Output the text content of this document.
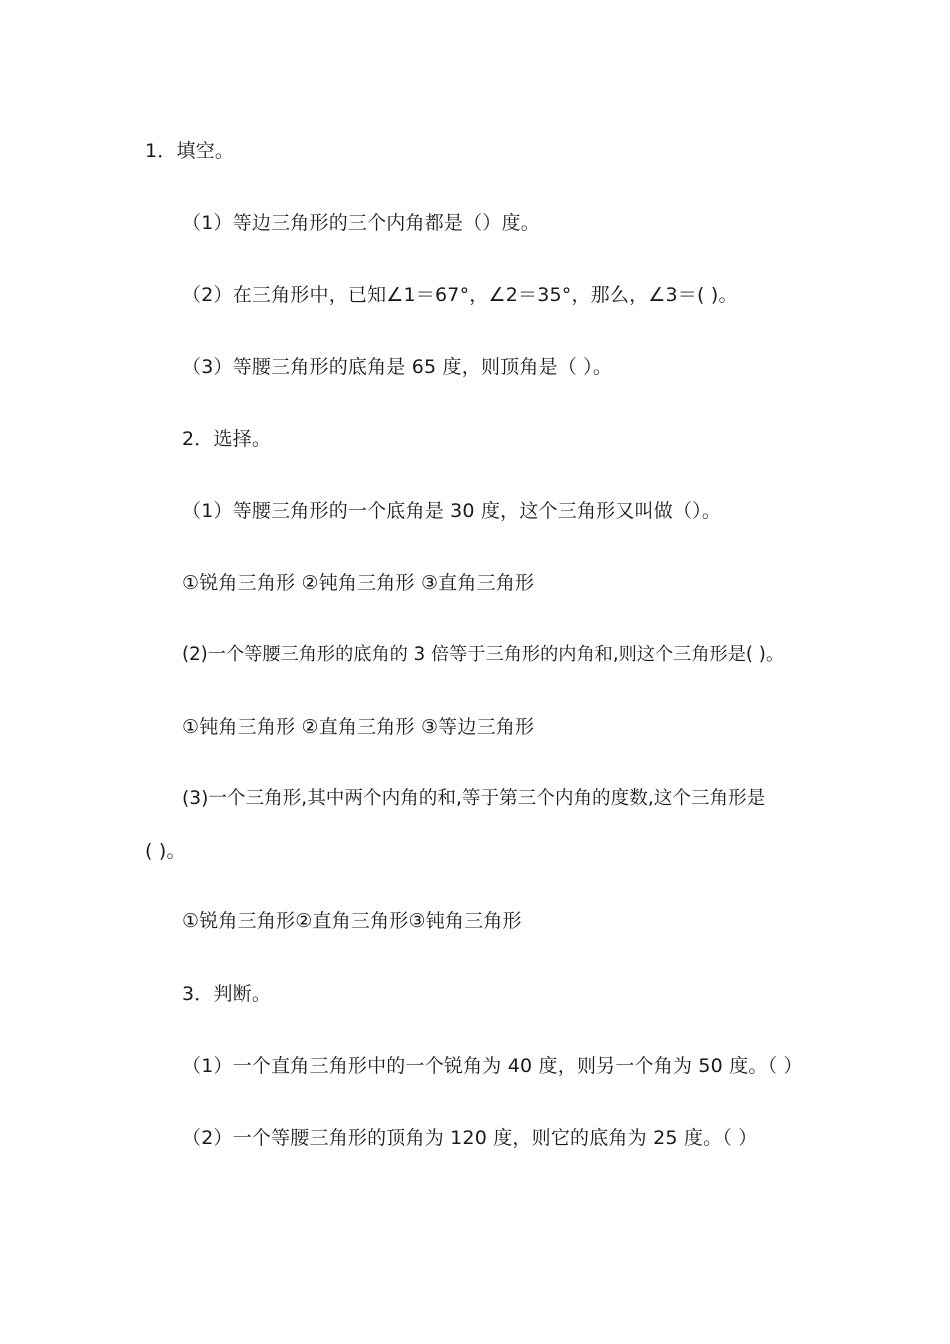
1．填空。
（1）等边三角形的三个内角都是（）度。
（2）在三角形中，已知∠1＝67°，∠2＝35°，那么，∠3＝( )。
（3）等腰三角形的底角是 65 度，则顶角是（ ）。
2．选择。
（1）等腰三角形的一个底角是 30 度，这个三角形又叫做（）。
①锐角三角形 ②钝角三角形 ③直角三角形
(2)一个等腰三角形的底角的 3 倍等于三角形的内角和,则这个三角形是( )。
①钝角三角形 ②直角三角形 ③等边三角形
(3)一个三角形,其中两个内角的和,等于第三个内角的度数,这个三角形是
( )。
①锐角三角形②直角三角形③钝角三角形
3．判断。
（1）一个直角三角形中的一个锐角为 40 度，则另一个角为 50 度。（ ）
（2）一个等腰三角形的顶角为 120 度，则它的底角为 25 度。（ ）
